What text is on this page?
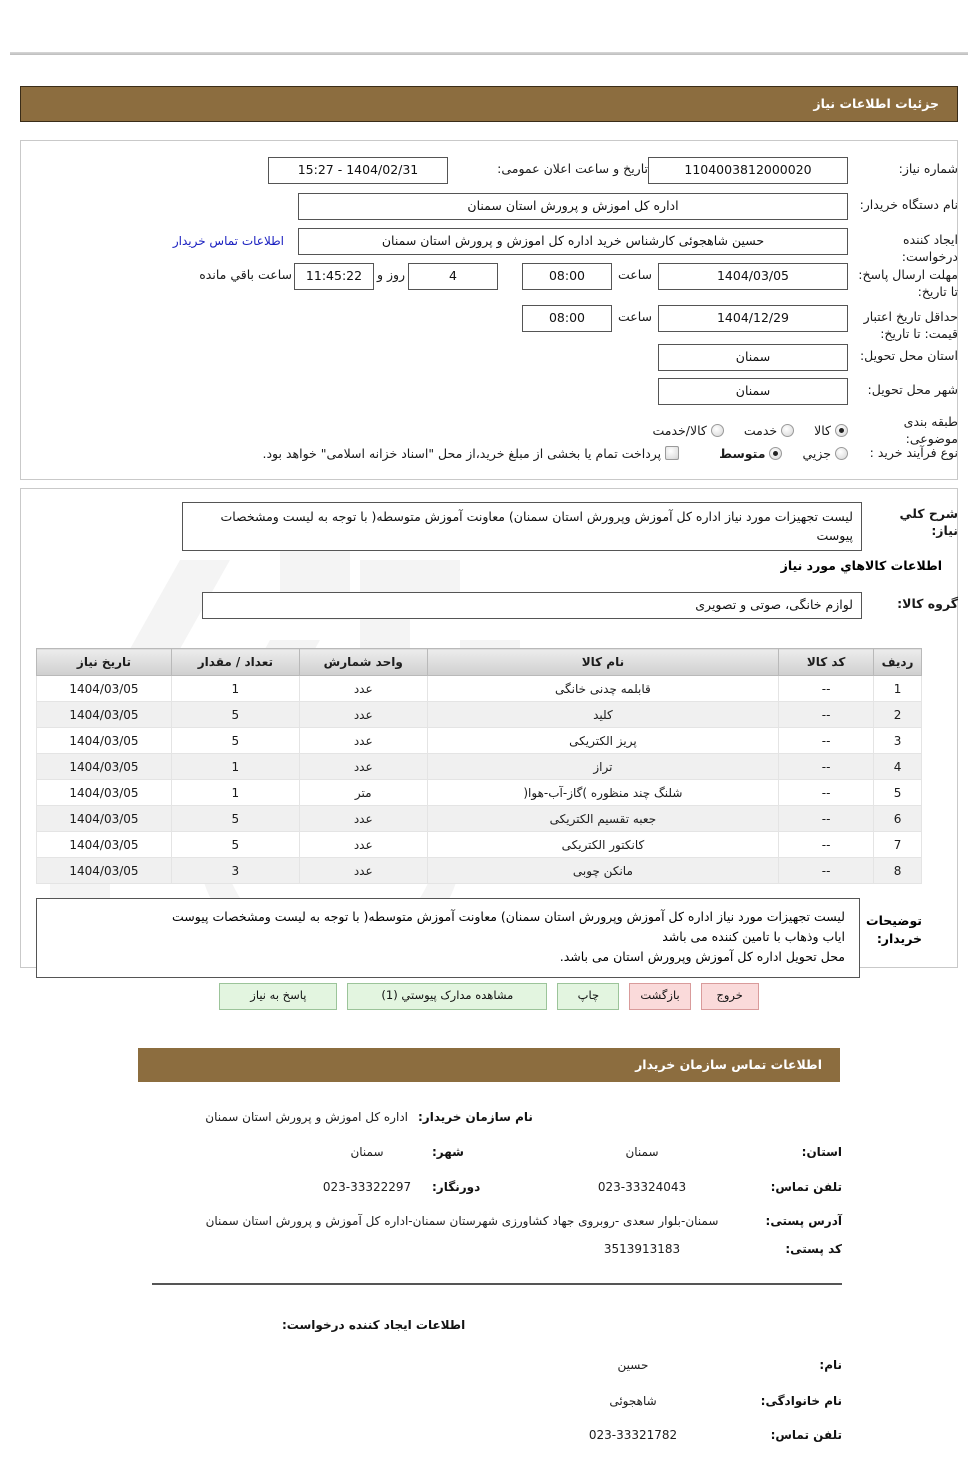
جزئیات اطلاعات نیاز
شماره نیاز:
1104003812000020
تاریخ و ساعت اعلان عمومی:
1404/02/31 - 15:27
نام دستگاه خریدار:
اداره کل اموزش و پرورش استان سمنان
ایجاد کننده درخواست:
حسین شاهجوئی کارشناس خرید اداره کل اموزش و پرورش استان سمنان
اطلاعات تماس خریدار
مهلت ارسال پاسخ: تا تاریخ:
1404/03/05
ساعت
08:00
4
روز و
11:45:22
ساعت باقي مانده
حداقل تاریخ اعتبار قیمت: تا تاریخ:
1404/12/29
ساعت
08:00
استان محل تحویل:
سمنان
شهر محل تحویل:
سمنان
طبقه بندی موضوعی:
کالا خدمت کالا/خدمت
نوع فرآیند خرید :
جزيي متوسط پرداخت تمام یا بخشی از مبلغ خرید،از محل "اسناد خزانه اسلامی" خواهد بود.
شرح کلي نیاز:
لیست تجهیزات مورد نیاز اداره کل آموزش وپرورش استان سمنان) معاونت آموزش متوسطه( با توجه به لیست ومشخصات پیوست
اطلاعات کالاهاي مورد نیاز
گروه کالا:
لوازم خانگی، صوتی و تصویری
ردیف	کد کالا	نام کالا	واحد شمارش	تعداد / مقدار	تاریخ نیاز
1	--	قابلمه چدنی خانگی	عدد	1	1404/03/05
2	--	کلید	عدد	5	1404/03/05
3	--	پریز الکتریکی	عدد	5	1404/03/05
4	--	تراز	عدد	1	1404/03/05
5	--	شلنگ چند منظوره )گاز-آب-هوا(	متر	1	1404/03/05
6	--	جعبه تقسیم الکتریکی	عدد	5	1404/03/05
7	--	کانکتور الکتریکی	عدد	5	1404/03/05
8	--	مانکن چوبی	عدد	3	1404/03/05
توضیحات خریدار:
لیست تجهیزات مورد نیاز اداره کل آموزش وپرورش استان سمنان) معاونت آموزش متوسطه( با توجه به لیست ومشخصات پیوست
ایاب وذهاب با تامین کننده می باشد
محل تحویل اداره کل آموزش وپرورش استان می باشد.
پاسخ به نیاز	مشاهده مدارک پیوستي (1)	چاپ	بازگشت	خروج
اطلاعات تماس سازمان خریدار
نام سازمان خریدار:
اداره کل اموزش و پرورش استان سمنان
استان:
سمنان
شهر:
سمنان
تلفن تماس:
023-33324043
دورنگار:
023-33322297
آدرس پستی:
سمنان-بلوار سعدی -روبروی جهاد کشاورزی شهرستان سمنان-اداره کل آموزش و پرورش استان سمنان
کد پستی:
3513913183
اطلاعات ایجاد کننده درخواست:
نام:
حسین
نام خانوادگی:
شاهجوئی
تلفن تماس:
023-33321782
